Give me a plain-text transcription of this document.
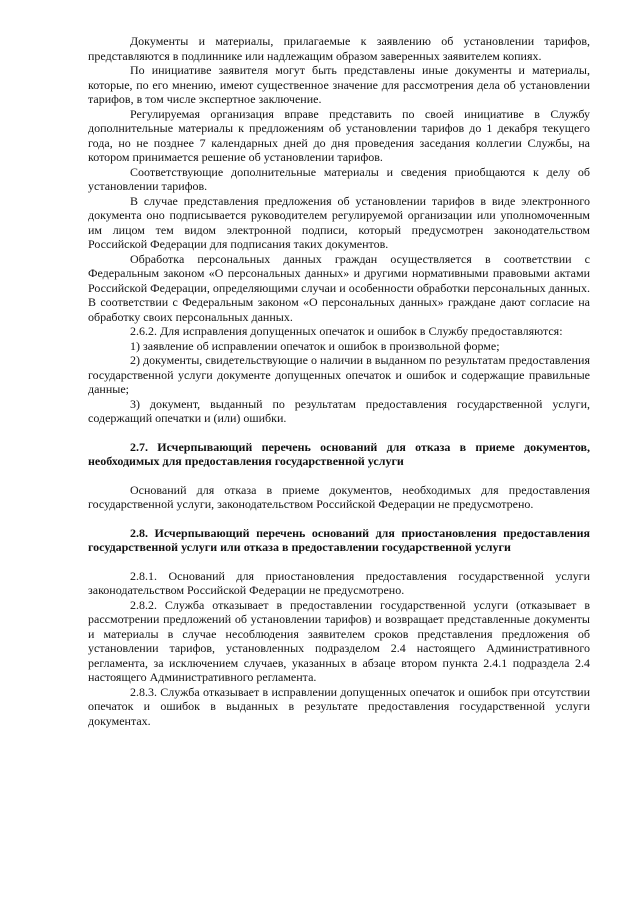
Документы и материалы, прилагаемые к заявлению об установлении тарифов, представляются в подлиннике или надлежащим образом заверенных заявителем копиях.

По инициативе заявителя могут быть представлены иные документы и материалы, которые, по его мнению, имеют существенное значение для рассмотрения дела об установлении тарифов, в том числе экспертное заключение.

Регулируемая организация вправе представить по своей инициативе в Службу дополнительные материалы к предложениям об установлении тарифов до 1 декабря текущего года, но не позднее 7 календарных дней до дня проведения заседания коллегии Службы, на котором принимается решение об установлении тарифов.

Соответствующие дополнительные материалы и сведения приобщаются к делу об установлении тарифов.

В случае представления предложения об установлении тарифов в виде электронного документа оно подписывается руководителем регулируемой организации или уполномоченным им лицом тем видом электронной подписи, который предусмотрен законодательством Российской Федерации для подписания таких документов.

Обработка персональных данных граждан осуществляется в соответствии с Федеральным законом «О персональных данных» и другими нормативными правовыми актами Российской Федерации, определяющими случаи и особенности обработки персональных данных. В соответствии с Федеральным законом «О персональных данных» граждане дают согласие на обработку своих персональных данных.

2.6.2. Для исправления допущенных опечаток и ошибок в Службу предоставляются:

1) заявление об исправлении опечаток и ошибок в произвольной форме;

2) документы, свидетельствующие о наличии в выданном по результатам предоставления государственной услуги документе допущенных опечаток и ошибок и содержащие правильные данные;

3) документ, выданный по результатам предоставления государственной услуги, содержащий опечатки и (или) ошибки.

2.7. Исчерпывающий перечень оснований для отказа в приеме документов, необходимых для предоставления государственной услуги

Оснований для отказа в приеме документов, необходимых для предоставления государственной услуги, законодательством Российской Федерации не предусмотрено.

2.8. Исчерпывающий перечень оснований для приостановления предоставления государственной услуги или отказа в предоставлении государственной услуги

2.8.1. Оснований для приостановления предоставления государственной услуги законодательством Российской Федерации не предусмотрено.

2.8.2. Служба отказывает в предоставлении государственной услуги (отказывает в рассмотрении предложений об установлении тарифов) и возвращает представленные документы и материалы в случае несоблюдения заявителем сроков представления предложения об установлении тарифов, установленных подразделом 2.4 настоящего Административного регламента, за исключением случаев, указанных в абзаце втором пункта 2.4.1 подраздела 2.4 настоящего Административного регламента.

2.8.3. Служба отказывает в исправлении допущенных опечаток и ошибок при отсутствии опечаток и ошибок в выданных в результате предоставления государственной услуги документах.
